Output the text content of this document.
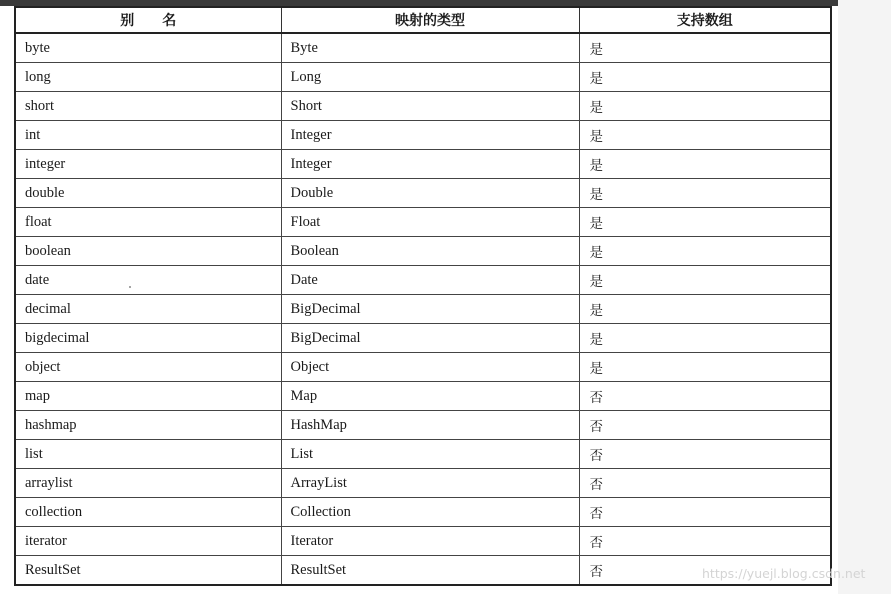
别名	映射的类型	支持数组
byte	Byte	是
long	Long	是
short	Short	是
int	Integer	是
integer	Integer	是
double	Double	是
float	Float	是
boolean	Boolean	是
date	Date	是
decimal	BigDecimal	是
bigdecimal	BigDecimal	是
object	Object	是
map	Map	否
hashmap	HashMap	否
list	List	否
arraylist	ArrayList	否
collection	Collection	否
iterator	Iterator	否
ResultSet	ResultSet	否	https://yuejl.blog.csdn.net
